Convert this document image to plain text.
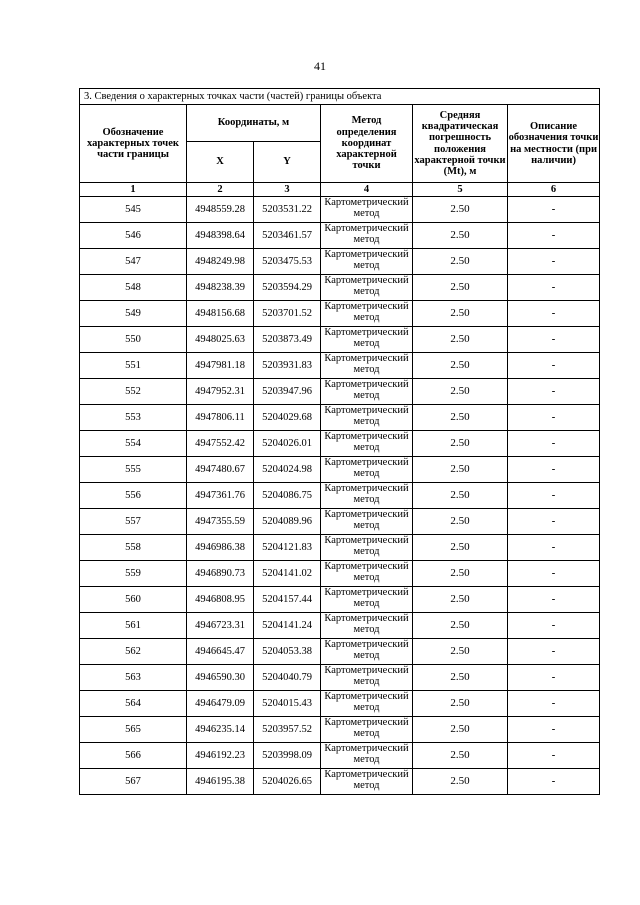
41
3. Сведения о характерных точках части (частей) границы объекта					
Обозначение характерных точек части границы	Координаты, м		Метод определения координат характерной точки	Средняя квадратическая погрешность положения характерной точки (Mt), м	Описание обозначения точки на местности (при наличии)
	X	Y			
1	2	3	4	5	6
545	4948559.28	5203531.22	Картометрический метод	2.50	-
546	4948398.64	5203461.57	Картометрический метод	2.50	-
547	4948249.98	5203475.53	Картометрический метод	2.50	-
548	4948238.39	5203594.29	Картометрический метод	2.50	-
549	4948156.68	5203701.52	Картометрический метод	2.50	-
550	4948025.63	5203873.49	Картометрический метод	2.50	-
551	4947981.18	5203931.83	Картометрический метод	2.50	-
552	4947952.31	5203947.96	Картометрический метод	2.50	-
553	4947806.11	5204029.68	Картометрический метод	2.50	-
554	4947552.42	5204026.01	Картометрический метод	2.50	-
555	4947480.67	5204024.98	Картометрический метод	2.50	-
556	4947361.76	5204086.75	Картометрический метод	2.50	-
557	4947355.59	5204089.96	Картометрический метод	2.50	-
558	4946986.38	5204121.83	Картометрический метод	2.50	-
559	4946890.73	5204141.02	Картометрический метод	2.50	-
560	4946808.95	5204157.44	Картометрический метод	2.50	-
561	4946723.31	5204141.24	Картометрический метод	2.50	-
562	4946645.47	5204053.38	Картометрический метод	2.50	-
563	4946590.30	5204040.79	Картометрический метод	2.50	-
564	4946479.09	5204015.43	Картометрический метод	2.50	-
565	4946235.14	5203957.52	Картометрический метод	2.50	-
566	4946192.23	5203998.09	Картометрический метод	2.50	-
567	4946195.38	5204026.65	Картометрический метод	2.50	-
